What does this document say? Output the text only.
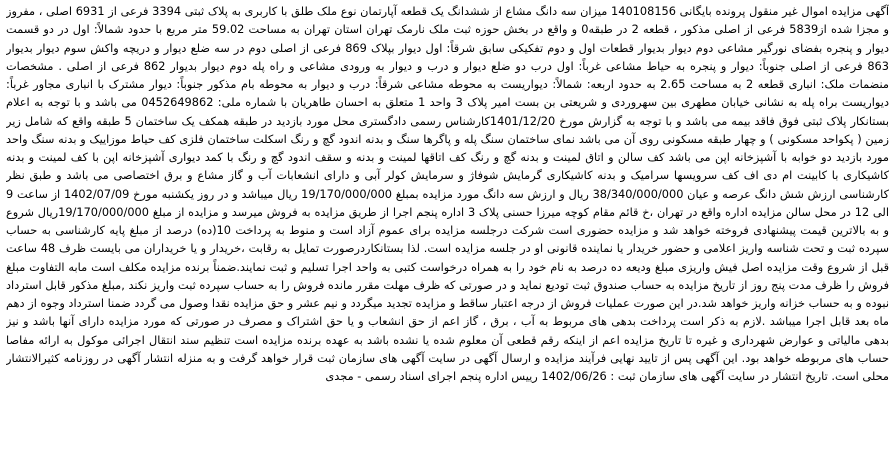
آگهی مزایده اموال غیر منقول پرونده بایگانی 140108156 میزان سه دانگ مشاع از ششدانگ یک قطعه آپارتمان نوع ملک طلق با کاربری به پلاک ثبتی 3394 فرعی از 6931 اصلی ، مفروز و مجزا شده از5839 فرعی از اصلی مذکور ، قطعه 2 در طبقه0 و واقع در بخش حوزه ثبت ملک نارمک تهران استان تهران به مساحت 59.02 متر مربع با حدود شمالاً: اول در دو قسمت دیوار و پنجره بفضای نورگیر مشاعی دوم دیوار بدیوار قطعات اول و دوم تفکیکی سابق شرقاً: اول دیوار بپلاک 869 فرعی از اصلی دوم در سه ضلع دیوار و دریچه واکش سوم دیوار بدیوار 863 فرعی از اصلی جنوباً: دیوار و پنجره به حیاط مشاعی غرباً: اول درب دو ضلع دیوار و درب و دیوار به ورودی مشاعی و راه پله دوم دیوار بدیوار 862 فرعی از اصلی . مشخصات منضمات ملک: انباری قطعه 2 به مساحت 2.65 به حدود اربعه: شمالاً: دیواریست به محوطه مشاعی شرقاً: درب و دیوار به محوطه بام مذکور جنوباً: دیوار مشترک با انباری مجاور غرباً: دیواریست براه پله به نشانی خیابان مطهری بین سهروردی و شریعتی بن بست امیر پلاک 3 واحد 1 متعلق به احسان طاهریان با شماره ملی: 0452649862 می باشد و با توجه به اعلام بستانکار پلاک ثبتی فوق فاقد بیمه می باشد و با توجه به گزارش مورخ 1401/12/20کارشناس رسمی دادگستری محل مورد بازدید در طبقه همکف یک ساختمان 5 طبقه واقع که شامل زیر زمین ( پکواحد مسکونی ) و چهار طبقه مسکونی روی آن می باشد نمای ساختمان سنگ پله و پاگرها سنگ و بدنه اندود گچ و رنگ اسکلت ساختمان فلزی کف حیاط موزاییک و بدنه سنگ واحد مورد بازدید دو خوابه با آشپزخانه اپن می باشد کف سالن و اتاق لمینت و بدنه گچ و رنگ کف اتاقها لمینت و بدنه و سقف اندود گچ و رنگ با کمد دیواری آشپزخانه اپن با کف لمینت و بدنه کاشیکاری با کابینت ام دی اف کف سرویسها سرامیک و بدنه کاشیکاری گرمایش شوفاژ و سرمایش کولر آبی و دارای انشعابات آب و گاز مشاع و برق اختصاصی می باشد و طبق نظر کارشناسی ارزش شش دانگ عرصه و عیان 38/340/000/000 ریال و ارزش سه دانگ مورد مزایده بمبلغ 19/170/000/000 ریال میباشد و در روز یکشنبه مورخ 1402/07/09 از ساعت 9 الی 12 در محل سالن مزایده اداره واقع در تهران ،خ قائم مقام کوچه میرزا حسنی پلاک 3 اداره پنجم اجرا از طریق مزایده به فروش میرسد و مزایده از مبلغ 19/170/000/000ریال شروع و به بالاترین قیمت پیشنهادی فروخته خواهد شد و مزایده حضوری است شرکت درجلسه مزایده برای عموم آزاد است و منوط به پرداخت 10(ده) درصد از مبلغ پایه کارشناسی به حساب سپرده ثبت و تحت شناسه واریز اعلامی و حضور خریدار یا نماینده قانونی او در جلسه مزایده است. لذا بستانکاردرصورت تمایل به رقابت ،خریدار و یا خریداران می بایست ظرف 48 ساعت قبل از شروع وقت مزایده اصل فیش واریزی مبلغ ودیعه ده درصد به نام خود را به همراه درخواست کتبی به واحد اجرا تسلیم و ثبت نمایند.ضمناً برنده مزایده مکلف است مابه التفاوت مبلغ فروش را ظرف مدت پنج روز از تاریخ مزایده به حساب صندوق ثبت تودیع نماید و در صورتی که ظرف مهلت مقرر مانده فروش را به حساب سپرده ثبت واریز نکند ,مبلغ مذکور قابل استرداد نبوده و به حساب خزانه واریز خواهد شد.در این صورت عملیات فروش از درجه اعتبار ساقط و مزایده تجدید میگردد و نیم عشر و حق مزایده نقدا وصول می گردد ضمنا استرداد وجوه از دهم ماه بعد قابل اجرا میباشد .لازم به ذکر است پرداخت بدهی های مربوط به آب ، برق ، گاز اعم از حق انشعاب و یا حق اشتراک و مصرف در صورتی که مورد مزایده دارای آنها باشد و نیز بدهی مالیاتی و عوارض شهرداری و غیره تا تاریخ مزایده اعم از اینکه رقم قطعی آن معلوم شده یا نشده باشد به عهده برنده مزایده است تنظیم سند انتقال اجرائی موکول به ارائه مفاصا حساب های مربوطه خواهد بود. این آگهی پس از تایید نهایی فرآیند مزایده و ارسال آگهی در سایت آگهی های سازمان ثبت قرار خواهد گرفت و به منزله انتشار آگهی در روزنامه کثیرالانتشار محلی است. تاریخ انتشار در سایت آگهی های سازمان ثبت : 1402/06/26 رییس اداره پنجم اجرای اسناد رسمی - مجدی
